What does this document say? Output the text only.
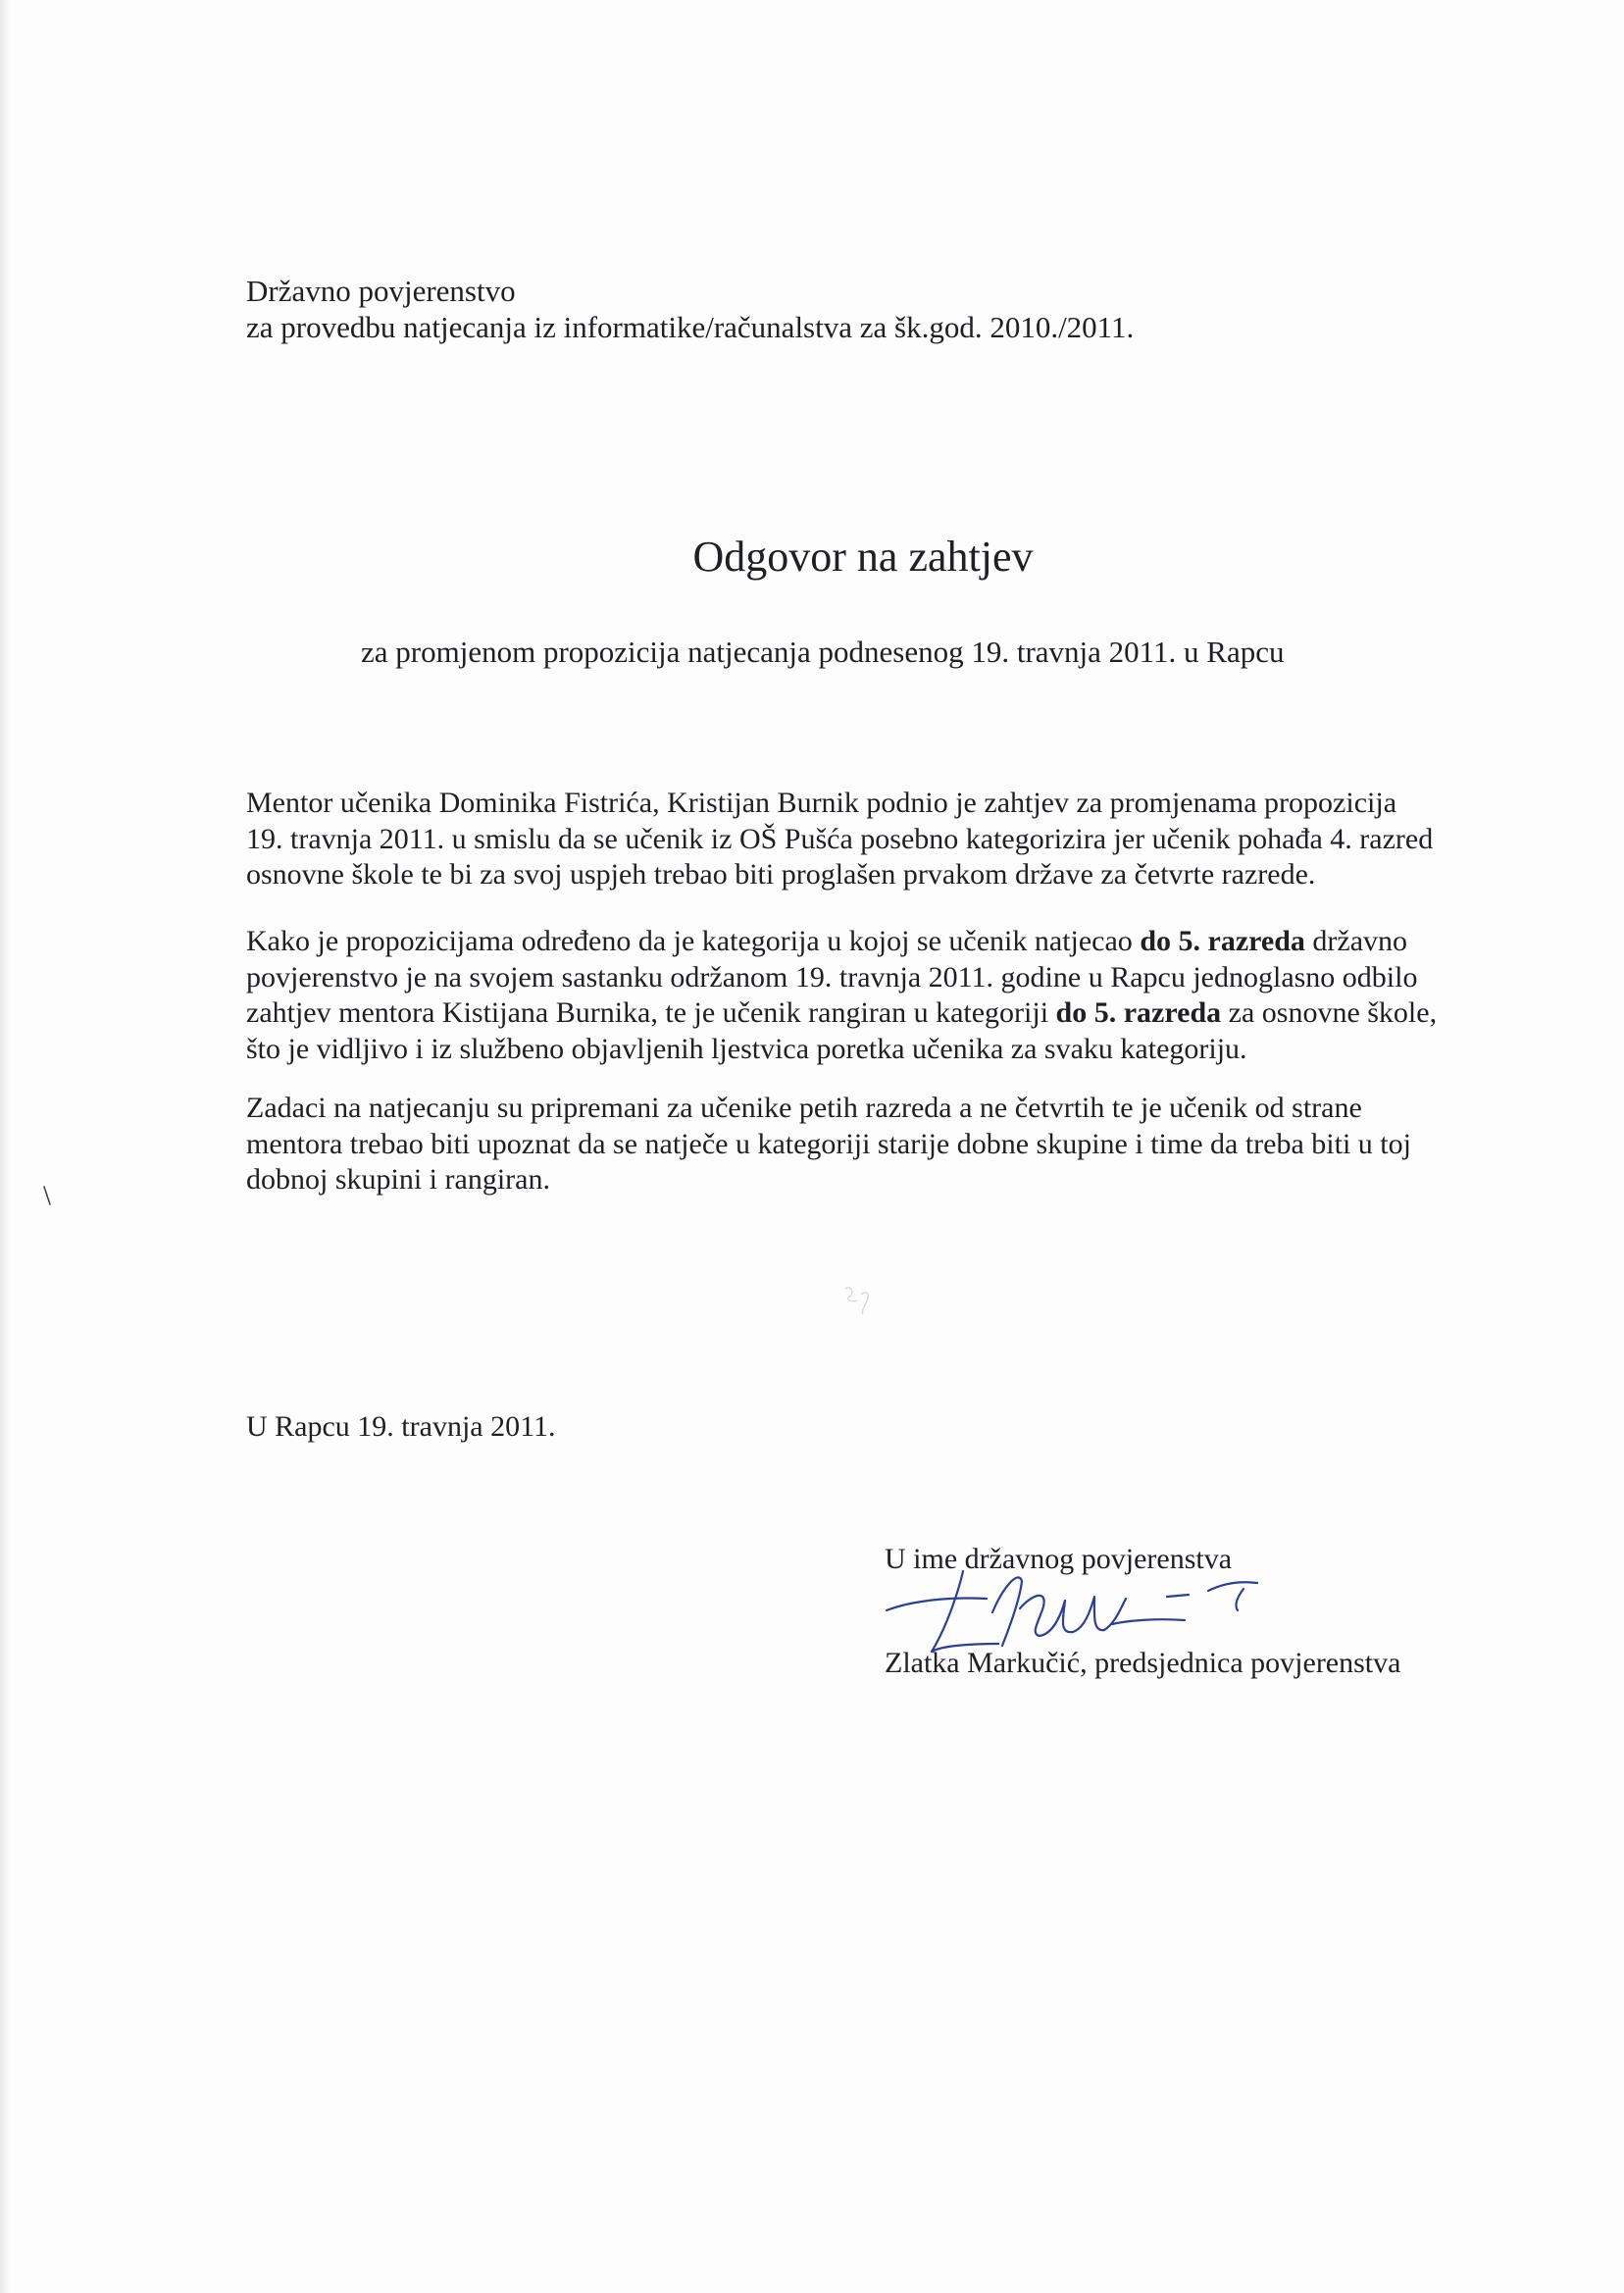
Državno povjerenstvo
za provedbu natjecanja iz informatike/računalstva za šk.god. 2010./2011.
Odgovor na zahtjev
za promjenom propozicija natjecanja podnesenog 19. travnja 2011. u Rapcu
Mentor učenika Dominika Fistrića, Kristijan Burnik podnio je zahtjev za promjenama propozicija
19. travnja 2011. u smislu da se učenik iz OŠ Pušća posebno kategorizira jer učenik pohađa 4. razred
osnovne škole te bi za svoj uspjeh trebao biti proglašen prvakom države za četvrte razrede.
Kako je propozicijama određeno da je kategorija u kojoj se učenik natjecao do 5. razreda državno
povjerenstvo je na svojem sastanku održanom 19. travnja 2011. godine u Rapcu jednoglasno odbilo
zahtjev mentora Kistijana Burnika, te je učenik rangiran u kategoriji do 5. razreda za osnovne škole,
što je vidljivo i iz službeno objavljenih ljestvica poretka učenika za svaku kategoriju.
Zadaci na natjecanju su pripremani za učenike petih razreda a ne četvrtih te je učenik od strane
mentora trebao biti upoznat da se natječe u kategoriji starije dobne skupine i time da treba biti u toj
dobnoj skupini i rangiran.
U Rapcu 19. travnja 2011.
U ime državnog povjerenstva
Zlatka Markučić, predsjednica povjerenstva
